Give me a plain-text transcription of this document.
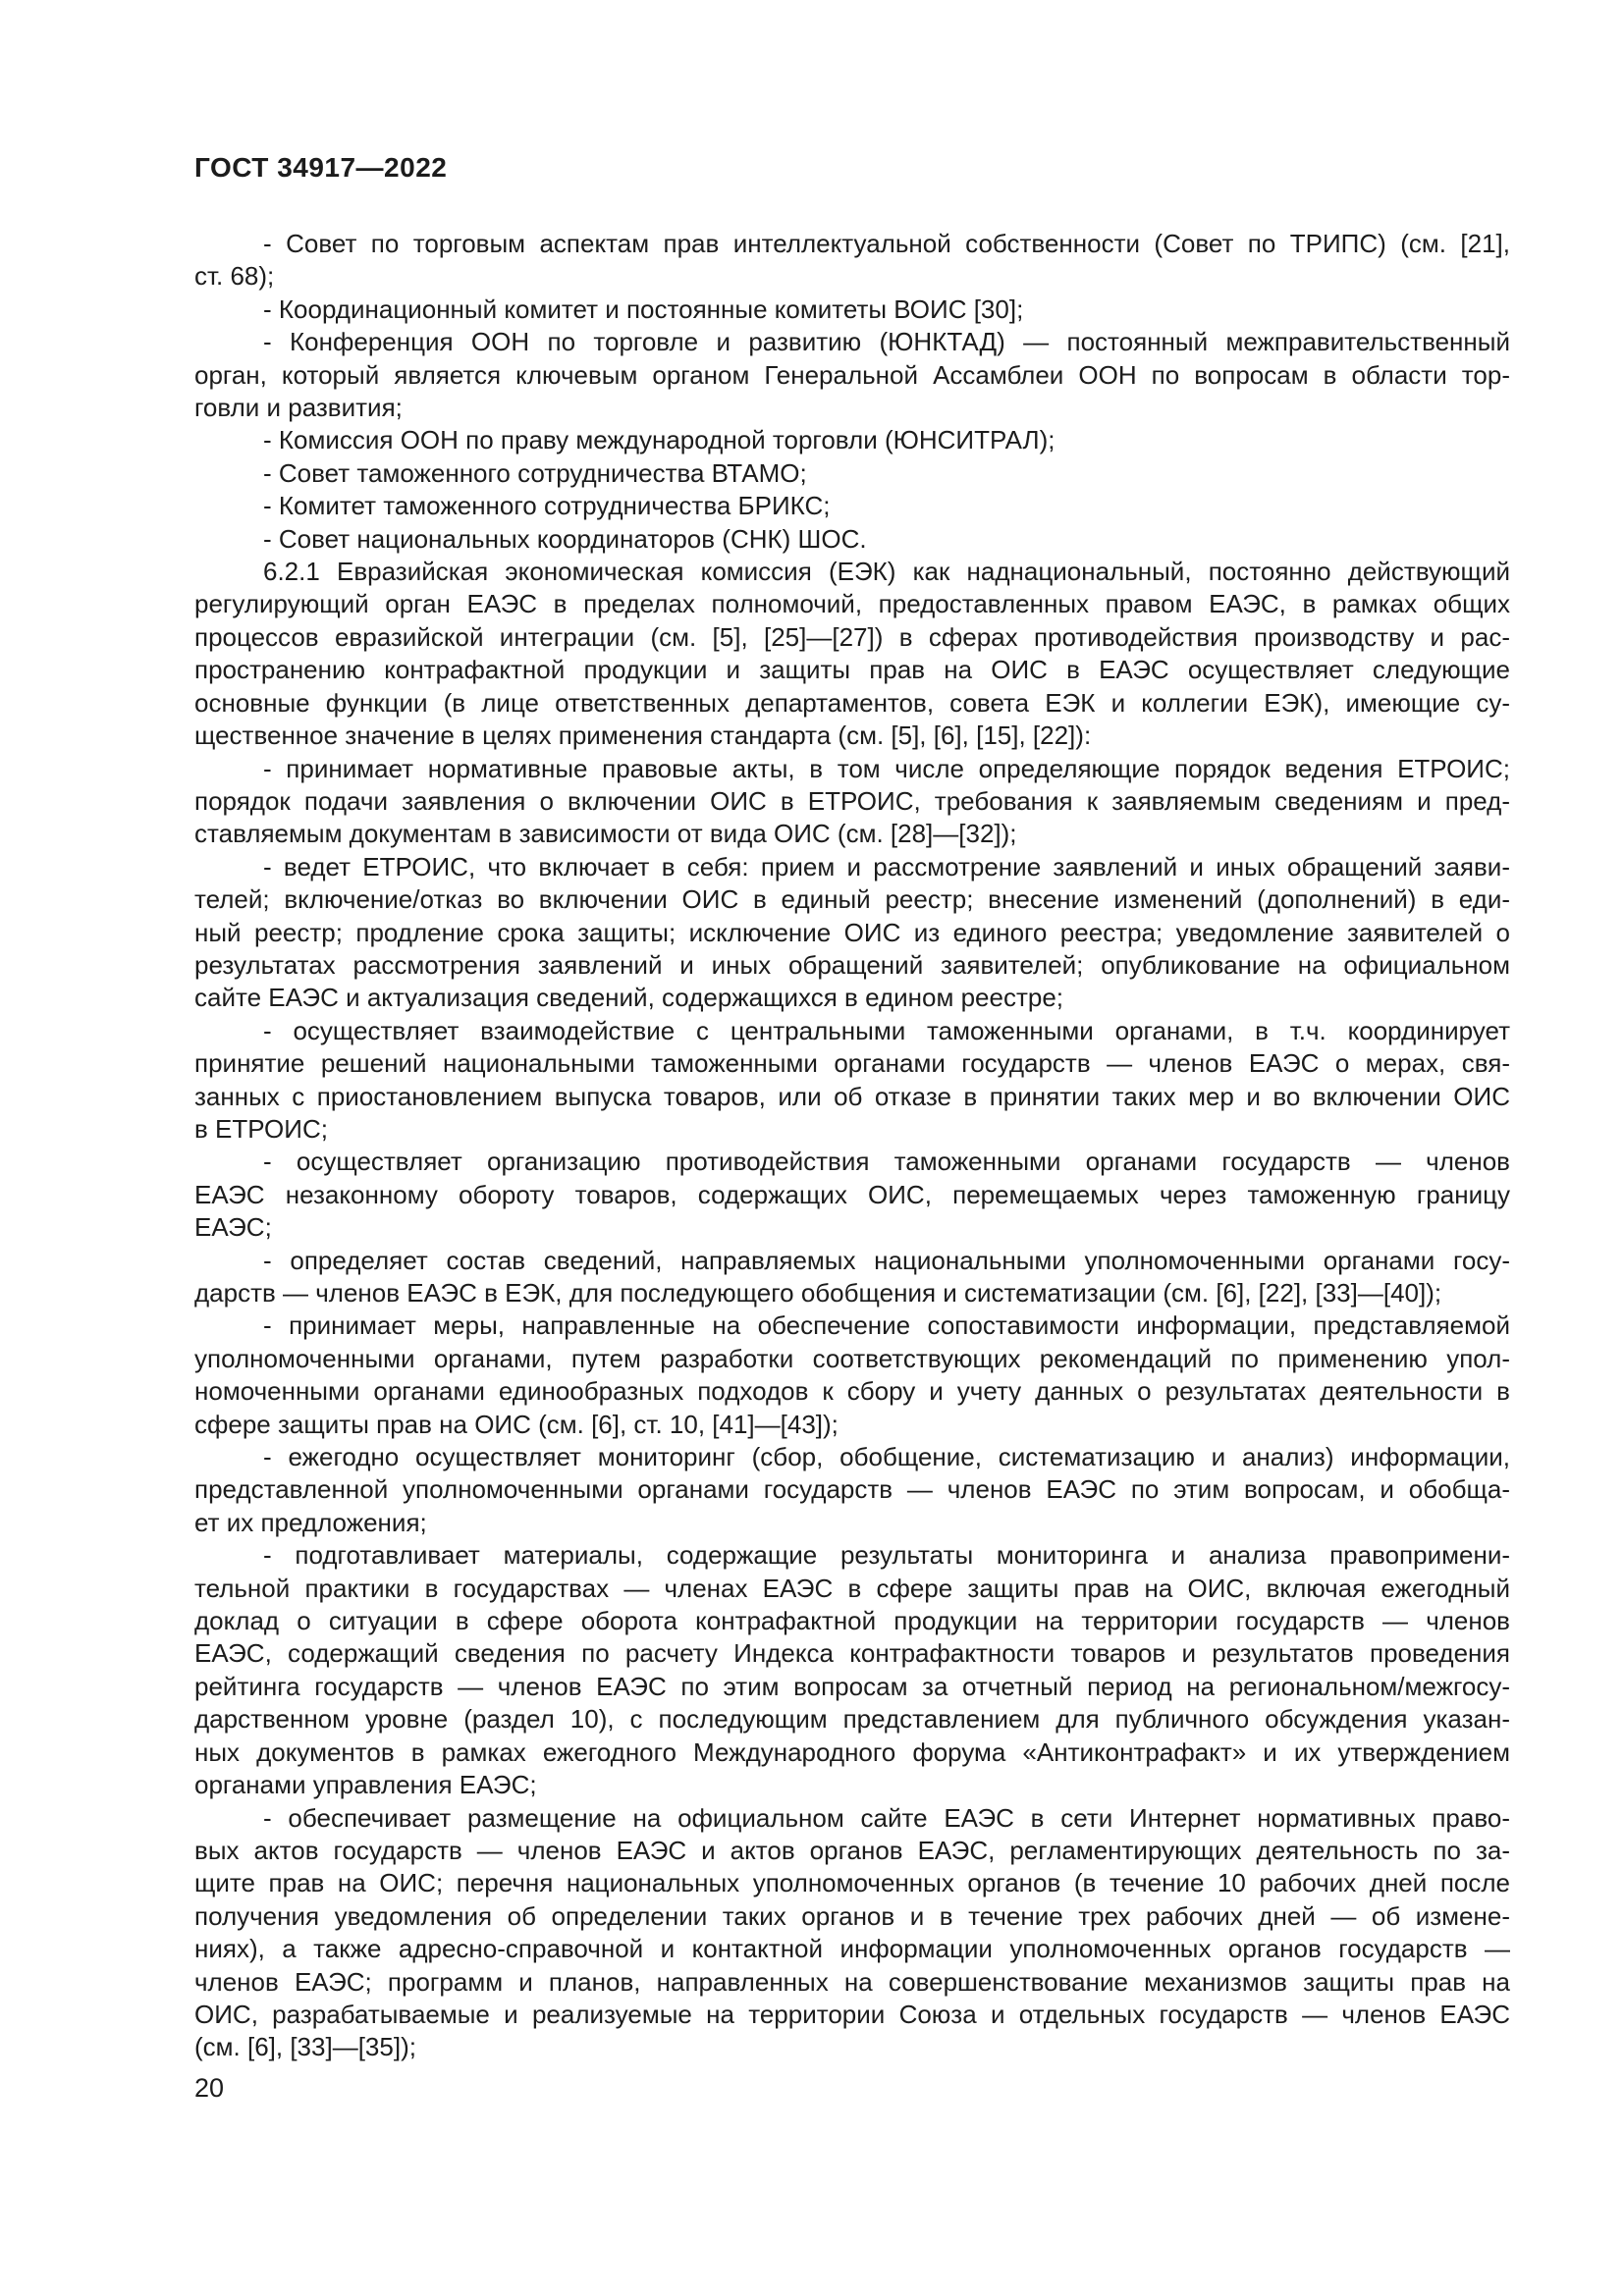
ГОСТ 34917—2022
- Совет по торговым аспектам прав интеллектуальной собственности (Совет по ТРИПС) (см. [21],
ст. 68);
- Координационный комитет и постоянные комитеты ВОИС [30];
- Конференция ООН по торговле и развитию (ЮНКТАД) — постоянный межправительственный
орган, который является ключевым органом Генеральной Ассамблеи ООН по вопросам в области тор-
говли и развития;
- Комиссия ООН по праву международной торговли (ЮНСИТРАЛ);
- Совет таможенного сотрудничества ВТАМО;
- Комитет таможенного сотрудничества БРИКС;
- Совет национальных координаторов (СНК) ШОС.
6.2.1 Евразийская экономическая комиссия (ЕЭК) как наднациональный, постоянно действующий
регулирующий орган ЕАЭС в пределах полномочий, предоставленных правом ЕАЭС, в рамках общих
процессов евразийской интеграции (см. [5], [25]—[27]) в сферах противодействия производству и рас-
пространению контрафактной продукции и защиты прав на ОИС в ЕАЭС осуществляет следующие
основные функции (в лице ответственных департаментов, совета ЕЭК и коллегии ЕЭК), имеющие су-
щественное значение в целях применения стандарта (см. [5], [6], [15], [22]):
- принимает нормативные правовые акты, в том числе определяющие порядок ведения ЕТРОИС;
порядок подачи заявления о включении ОИС в ЕТРОИС, требования к заявляемым сведениям и пред-
ставляемым документам в зависимости от вида ОИС (см. [28]—[32]);
- ведет ЕТРОИС, что включает в себя: прием и рассмотрение заявлений и иных обращений заяви-
телей; включение/отказ во включении ОИС в единый реестр; внесение изменений (дополнений) в еди-
ный реестр; продление срока защиты; исключение ОИС из единого реестра; уведомление заявителей о
результатах рассмотрения заявлений и иных обращений заявителей; опубликование на официальном
сайте ЕАЭС и актуализация сведений, содержащихся в едином реестре;
- осуществляет взаимодействие с центральными таможенными органами, в т.ч. координирует
принятие решений национальными таможенными органами государств — членов ЕАЭС о мерах, свя-
занных с приостановлением выпуска товаров, или об отказе в принятии таких мер и во включении ОИС
в ЕТРОИС;
- осуществляет организацию противодействия таможенными органами государств — членов
ЕАЭС незаконному обороту товаров, содержащих ОИС, перемещаемых через таможенную границу
ЕАЭС;
- определяет состав сведений, направляемых национальными уполномоченными органами госу-
дарств — членов ЕАЭС в ЕЭК, для последующего обобщения и систематизации (см. [6], [22], [33]—[40]);
- принимает меры, направленные на обеспечение сопоставимости информации, представляемой
уполномоченными органами, путем разработки соответствующих рекомендаций по применению упол-
номоченными органами единообразных подходов к сбору и учету данных о результатах деятельности в
сфере защиты прав на ОИС (см. [6], ст. 10, [41]—[43]);
- ежегодно осуществляет мониторинг (сбор, обобщение, систематизацию и анализ) информации,
представленной уполномоченными органами государств — членов ЕАЭС по этим вопросам, и обобща-
ет их предложения;
- подготавливает материалы, содержащие результаты мониторинга и анализа правопримени-
тельной практики в государствах — членах ЕАЭС в сфере защиты прав на ОИС, включая ежегодный
доклад о ситуации в сфере оборота контрафактной продукции на территории государств — членов
ЕАЭС, содержащий сведения по расчету Индекса контрафактности товаров и результатов проведения
рейтинга государств — членов ЕАЭС по этим вопросам за отчетный период на региональном/межгосу-
дарственном уровне (раздел 10), с последующим представлением для публичного обсуждения указан-
ных документов в рамках ежегодного Международного форума «Антиконтрафакт» и их утверждением
органами управления ЕАЭС;
- обеспечивает размещение на официальном сайте ЕАЭС в сети Интернет нормативных право-
вых актов государств — членов ЕАЭС и актов органов ЕАЭС, регламентирующих деятельность по за-
щите прав на ОИС; перечня национальных уполномоченных органов (в течение 10 рабочих дней после
получения уведомления об определении таких органов и в течение трех рабочих дней — об измене-
ниях), а также адресно-справочной и контактной информации уполномоченных органов государств —
членов ЕАЭС; программ и планов, направленных на совершенствование механизмов защиты прав на
ОИС, разрабатываемые и реализуемые на территории Союза и отдельных государств — членов ЕАЭС
(см. [6], [33]—[35]);
20
